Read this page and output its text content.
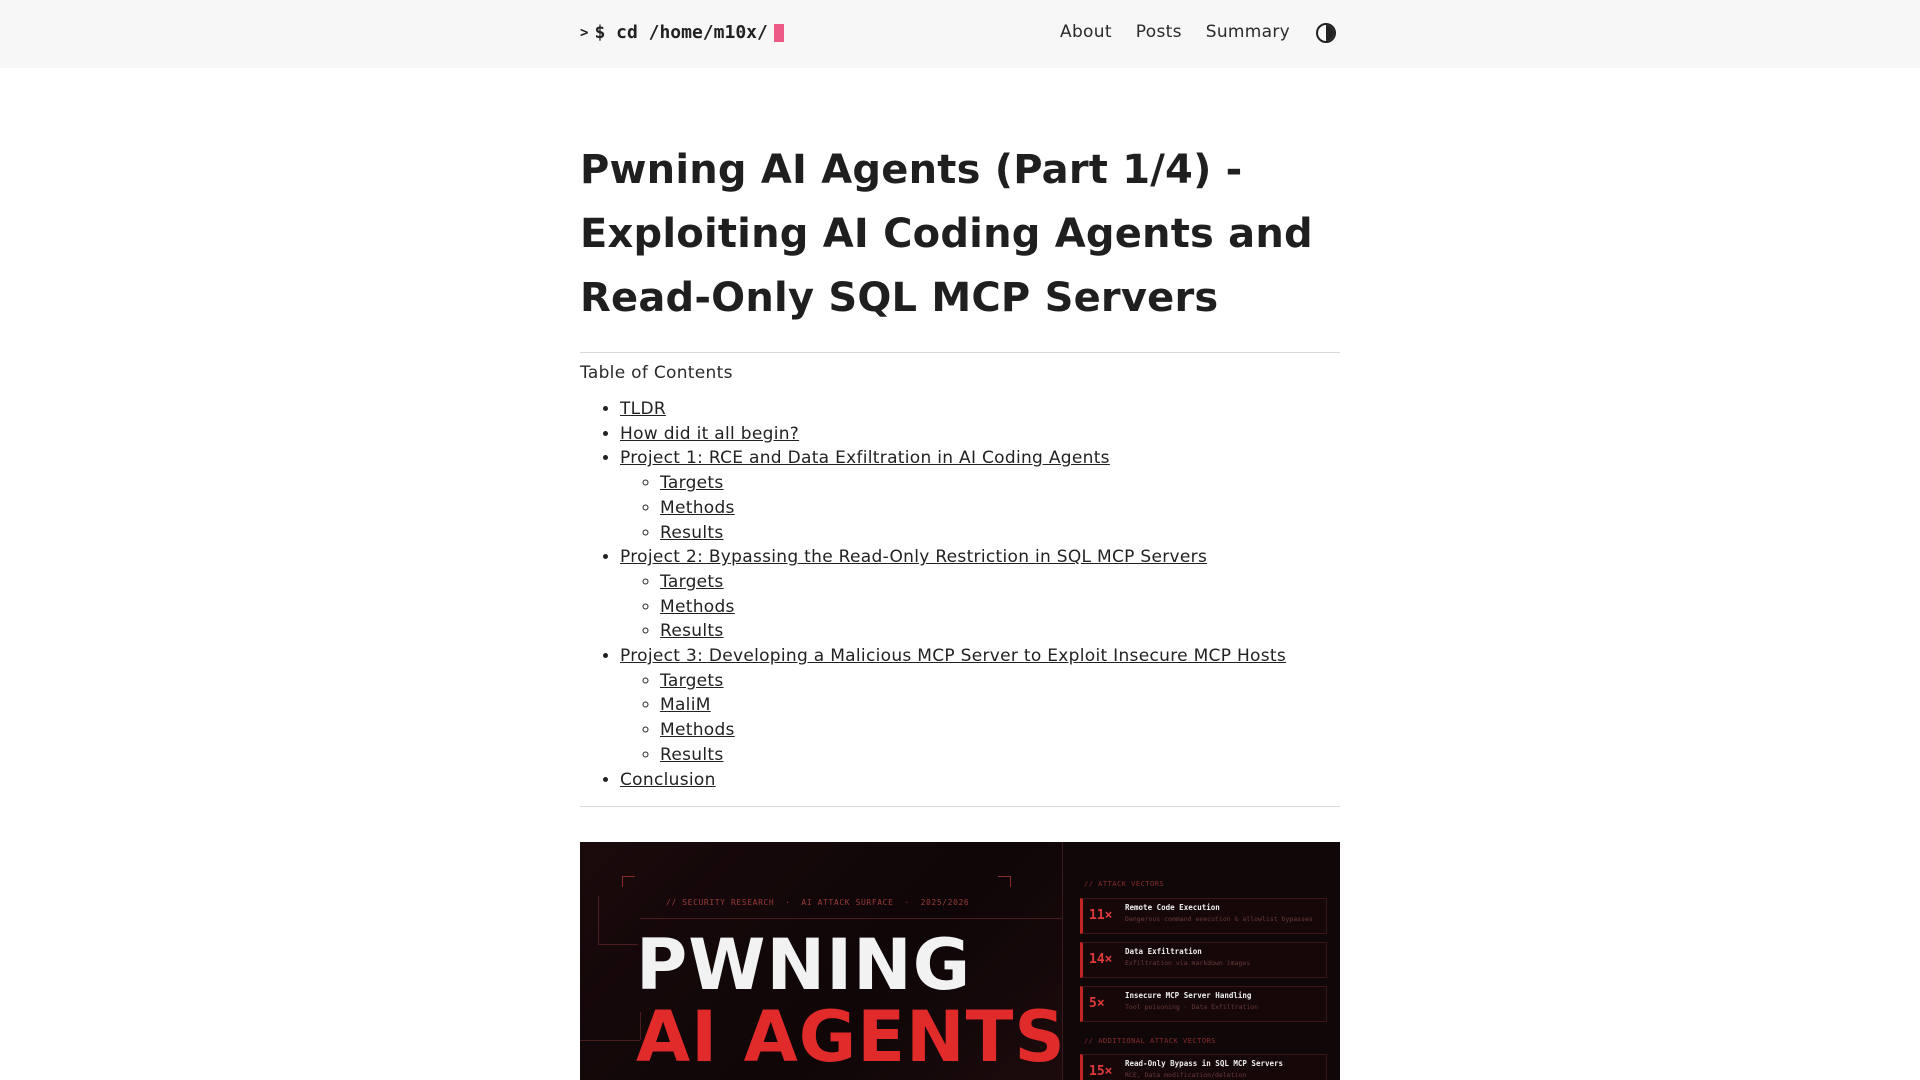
> $ cd /home/m10x/	About Posts Summary
Pwning AI Agents (Part 1/4) -
Exploiting AI Coding Agents and
Read-Only SQL MCP Servers
Table of Contents
• TLDR
• How did it all begin?
• Project 1: RCE and Data Exfiltration in AI Coding Agents
◦ Targets
◦ Methods
◦ Results
• Project 2: Bypassing the Read-Only Restriction in SQL MCP Servers
◦ Targets
◦ Methods
◦ Results
• Project 3: Developing a Malicious MCP Server to Exploit Insecure MCP Hosts
◦ Targets
◦ MaliM
◦ Methods
◦ Results
• Conclusion
// SECURITY RESEARCH  ·  AI ATTACK SURFACE  ·  2025/2026
PWNING
AI AGENTS
// ATTACK VECTORS
11×
Remote Code Execution
Dangerous command execution & allowlist bypasses
14×
Data Exfiltration
Exfiltration via markdown images
5×
Insecure MCP Server Handling
Tool poisoning · Data Exfiltration
// ADDITIONAL ATTACK VECTORS
15×
Read-Only Bypass in SQL MCP Servers
RCE, Data modification/deletion
